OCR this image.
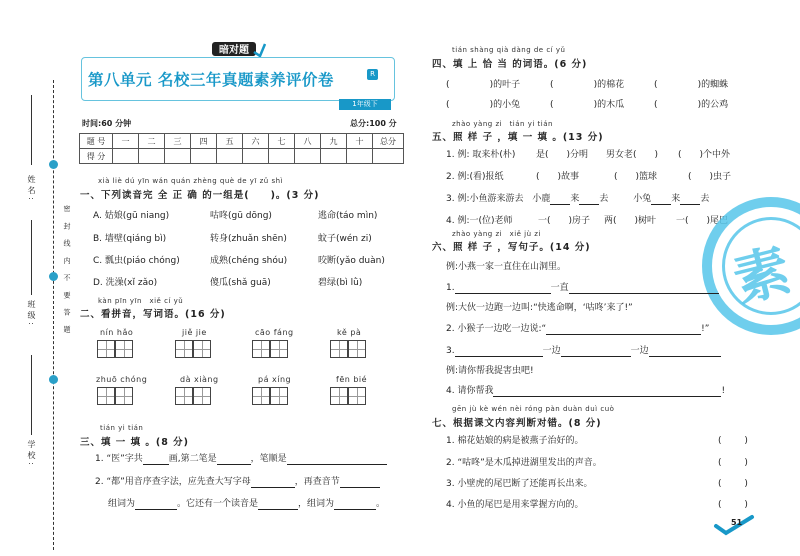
姓名:
班级:
学校:
密 封 线 内 不 要 答 题
暗对题
第八单元 名校三年真题素养评价卷	R
1年级下
时间:60 分钟	总分:100 分
题 号	一	二	三	四	五	六	七	八	九	十	总分
得 分											
xià liè dú yīn wán quán zhèng què de yī zǔ shì
一、下列读音完 全 正 确 的一组是(　　)。(3 分)
A. 姑娘(gū niang)	咕咚(gū dōng)	逃命(táo mìn)
B. 墙壁(qiáng bì)	转身(zhuǎn shēn)	蚊子(wén zi)
C. 瓢虫(piáo chóng)	成熟(chéng shóu)	咬断(yǎo duàn)
D. 洗澡(xǐ zǎo)	傻瓜(shǎ guā)	碧绿(bì lǜ)
kàn pīn yīn　xiě cí yǔ
二、看拼音，写词语。(16 分)
nín hǎo	jiě jie	cāo fáng	kě pà
zhuō chóng	dà xiàng	pá xíng	fēn bié
tián yi tián
三、填 一 填 。(8 分)
1. “医”字共	画,第二笔是	，笔顺是
2. “都”用音序查字法，应先查大写字母	，再查音节
组词为	。它还有一个读音是	，组词为	。
tián shàng qià dàng de cí yǔ
四、填 上 恰 当 的词语。(6 分)
(              )的叶子	(              )的棉花	(              )的蜘蛛
(              )的小兔	(              )的木瓜	(              )的公鸡
zhào yàng zi　tián yi tián
五、照 样 子 ，填 一 填 。(13 分)
1. 例: 取来朴(朴) 是(　　)分明 男女老(　　) (　　)个中外
2. 例:(看)报纸	(　　)故事	(　　)篮球	(　　)虫子
3. 例:小鱼游来游去 小鹿 来 去	小兔 来 去
4. 例:一(位)老师	一(　　)房子 两(　　)树叶 一(　　)尾巴
素
zhào yàng zi　xiě jù zi
六、照 样 子 ，写句子。(14 分)
例:小燕一家一直住在山洞里。
1.	一直
例:大伙一边跑一边叫:“快逃命啊，‘咕咚’来了!”
2. 小猴子一边吃一边说:“	!”
3.	一边	一边
例:请你帮我捉害虫吧!
4. 请你帮我	!
gēn jù kè wén nèi róng pàn duàn duì cuò
七、根据课文内容判断对错。(8 分)
1. 棉花姑娘的病是被燕子治好的。	(        )
2. “咕咚”是木瓜掉进湖里发出的声音。	(        )
3. 小壁虎的尾巴断了还能再长出来。	(        )
4. 小鱼的尾巴是用来掌握方向的。	(        )
51
